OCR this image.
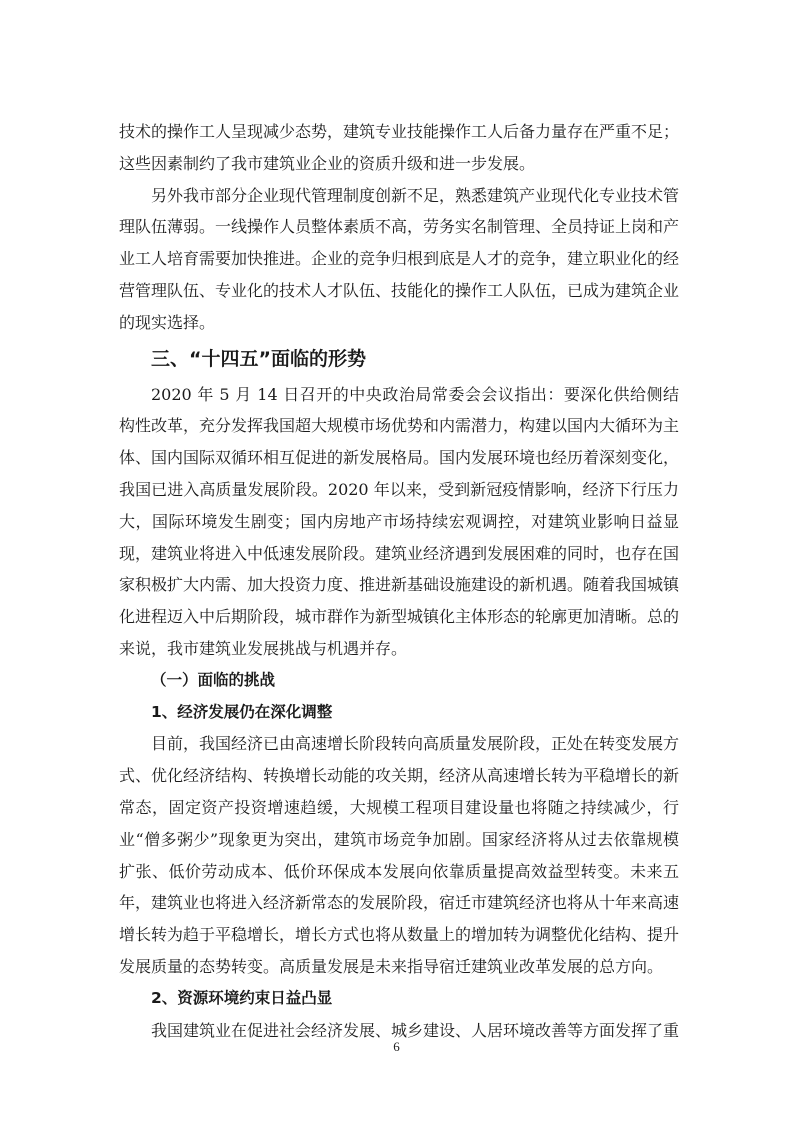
技术的操作工人呈现减少态势，建筑专业技能操作工人后备力量存在严重不足；这些因素制约了我市建筑业企业的资质升级和进一步发展。

另外我市部分企业现代管理制度创新不足，熟悉建筑产业现代化专业技术管理队伍薄弱。一线操作人员整体素质不高，劳务实名制管理、全员持证上岗和产业工人培育需要加快推进。企业的竞争归根到底是人才的竞争，建立职业化的经营管理队伍、专业化的技术人才队伍、技能化的操作工人队伍，已成为建筑企业的现实选择。

三、“十四五”面临的形势

2020 年 5 月 14 日召开的中央政治局常委会会议指出：要深化供给侧结构性改革，充分发挥我国超大规模市场优势和内需潜力，构建以国内大循环为主体、国内国际双循环相互促进的新发展格局。国内发展环境也经历着深刻变化，我国已进入高质量发展阶段。2020 年以来，受到新冠疫情影响，经济下行压力大，国际环境发生剧变；国内房地产市场持续宏观调控，对建筑业影响日益显现，建筑业将进入中低速发展阶段。建筑业经济遇到发展困难的同时，也存在国家积极扩大内需、加大投资力度、推进新基础设施建设的新机遇。随着我国城镇化进程迈入中后期阶段，城市群作为新型城镇化主体形态的轮廓更加清晰。总的来说，我市建筑业发展挑战与机遇并存。

（一）面临的挑战
1、经济发展仍在深化调整

目前，我国经济已由高速增长阶段转向高质量发展阶段，正处在转变发展方式、优化经济结构、转换增长动能的攻关期，经济从高速增长转为平稳增长的新常态，固定资产投资增速趋缓，大规模工程项目建设量也将随之持续减少，行业“僧多粥少”现象更为突出，建筑市场竞争加剧。国家经济将从过去依靠规模扩张、低价劳动成本、低价环保成本发展向依靠质量提高效益型转变。未来五年，建筑业也将进入经济新常态的发展阶段，宿迁市建筑经济也将从十年来高速增长转为趋于平稳增长，增长方式也将从数量上的增加转为调整优化结构、提升发展质量的态势转变。高质量发展是未来指导宿迁建筑业改革发展的总方向。

2、资源环境约束日益凸显

我国建筑业在促进社会经济发展、城乡建设、人居环境改善等方面发挥了重

6
